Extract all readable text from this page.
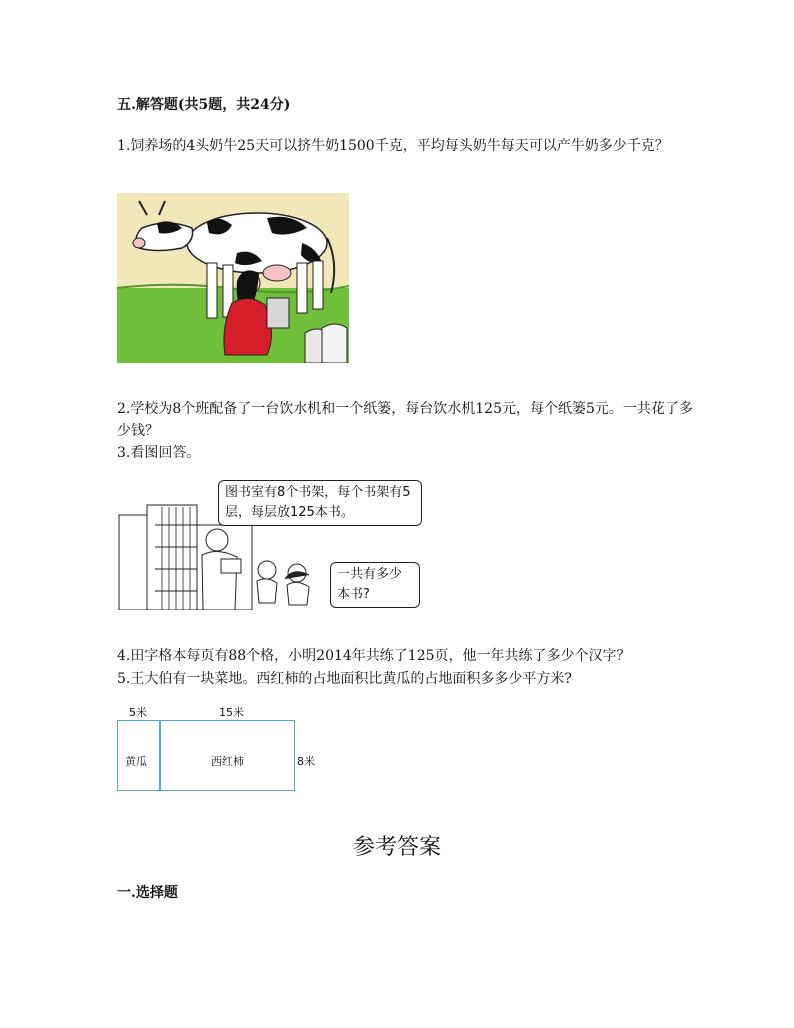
五.解答题(共5题，共24分)
1.饲养场的4头奶牛25天可以挤牛奶1500千克，平均每头奶牛每天可以产牛奶多少千克？
2.学校为8个班配备了一台饮水机和一个纸篓，每台饮水机125元，每个纸篓5元。一共花了多少钱？
3.看图回答。
图书室有8个书架，每个书架有5层，每层放125本书。
一共有多少本书?
4.田字格本每页有88个格，小明2014年共练了125页，他一年共练了多少个汉字？
5.王大伯有一块菜地。西红柿的占地面积比黄瓜的占地面积多多少平方米?
5米	15米
黄瓜	西红柿	8米
参考答案
一.选择题
